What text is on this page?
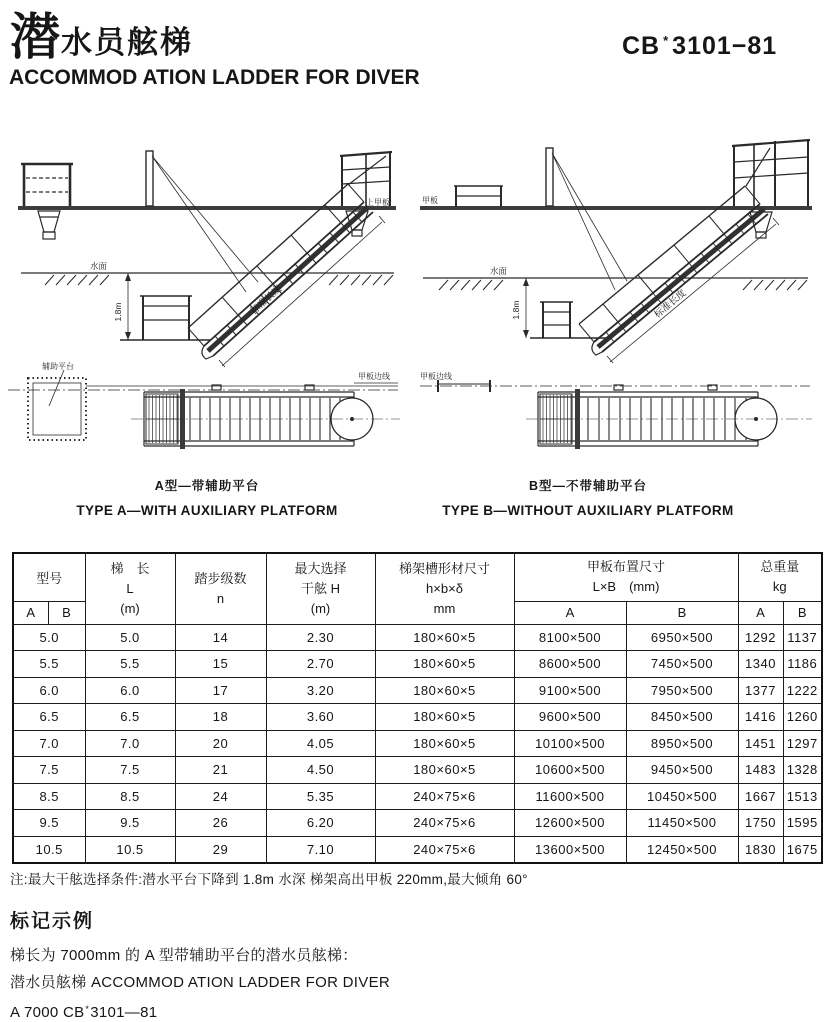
潜 水员舷梯	CB * 3101−81
ACCOMMOD ATION LADDER FOR DIVER
上甲板
水面
1.8m	标准长度
辅助平台
甲板边线
A型—带辅助平台
TYPE A—WITH AUXILIARY PLATFORM
甲板
水面
1.8m	标准长度
甲板边线
B型—不带辅助平台
TYPE B—WITHOUT AUXILIARY PLATFORM
型号	
梯　长
L
(m)

踏步级数
n

最大选择
干舷 H
(m)

梯架槽形材尺寸
h×b×δ
mm

甲板布置尺寸
L×B　(mm)

总重量
kg

A	B					A	B	A	B
5.0		5.0	14	2.30	180×60×5	8100×500	6950×500	1292	1137
5.5		5.5	15	2.70	180×60×5	8600×500	7450×500	1340	1186
6.0		6.0	17	3.20	180×60×5	9100×500	7950×500	1377	1222
6.5		6.5	18	3.60	180×60×5	9600×500	8450×500	1416	1260
7.0		7.0	20	4.05	180×60×5	10100×500	8950×500	1451	1297
7.5		7.5	21	4.50	180×60×5	10600×500	9450×500	1483	1328
8.5		8.5	24	5.35	240×75×6	11600×500	10450×500	1667	1513
9.5		9.5	26	6.20	240×75×6	12600×500	11450×500	1750	1595
10.5		10.5	29	7.10	240×75×6	13600×500	12450×500	1830	1675
注:最大干舷选择条件:潜水平台下降到 1.8m 水深 梯架高出甲板 220mm,最大倾角 60°
标记示例

梯长为 7000mm 的 A 型带辅助平台的潜水员舷梯：

潜水员舷梯 ACCOMMOD ATION LADDER FOR DIVER

A 7000 CB*3101—81
